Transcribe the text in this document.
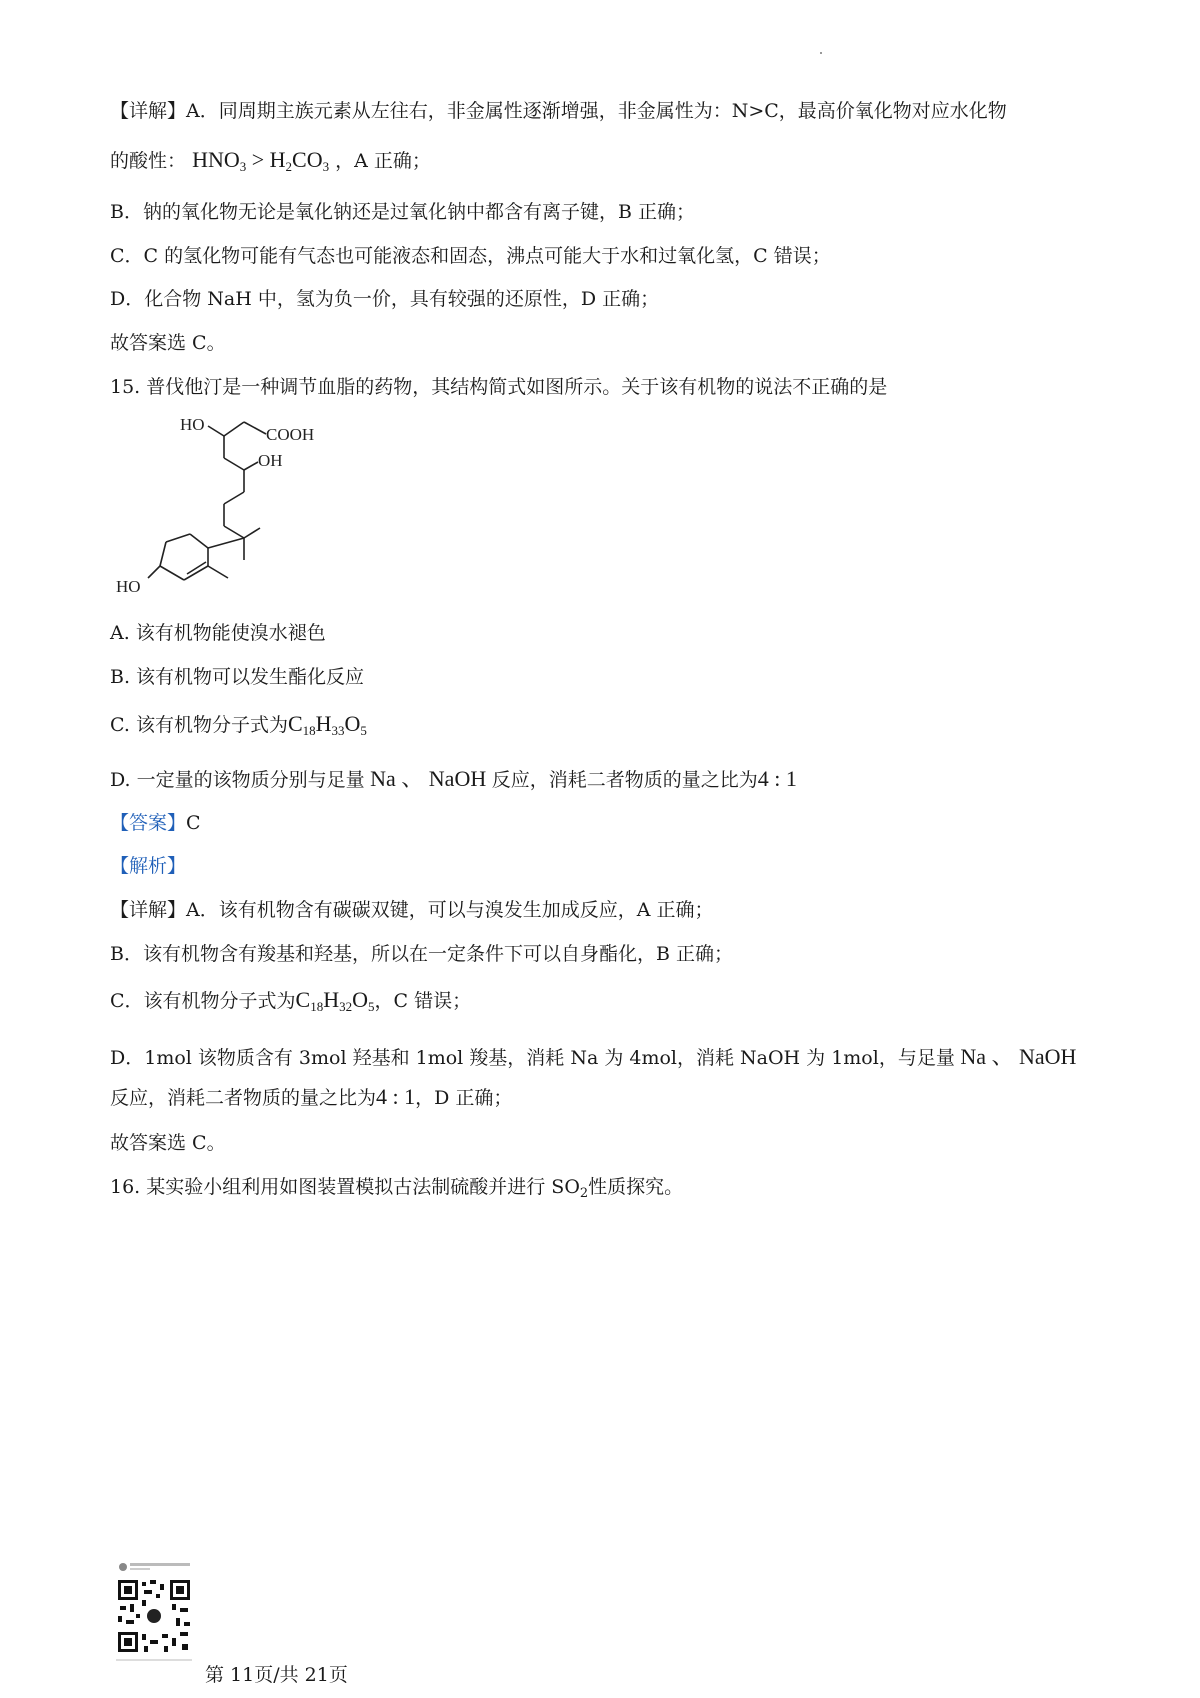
【详解】A．同周期主族元素从左往右，非金属性逐渐增强，非金属性为：N>C，最高价氧化物对应水化物
的酸性： $HNO_3 > H_2CO_3$ ，A 正确；
B．钠的氧化物无论是氧化钠还是过氧化钠中都含有离子键，B 正确；
C．C 的氢化物可能有气态也可能液态和固态，沸点可能大于水和过氧化氢，C 错误；
D．化合物 NaH 中，氢为负一价，具有较强的还原性，D 正确；
故答案选 C。
15. 普伐他汀是一种调节血脂的药物，其结构简式如图所示。关于该有机物的说法不正确的是
HO
COOH
OH
HO
A. 该有机物能使溴水褪色
B. 该有机物可以发生酯化反应
C. 该有机物分子式为$C_{18}H_{33}O_5$
D. 一定量的该物质分别与足量 Na 、 NaOH 反应，消耗二者物质的量之比为4 : 1
【答案】C
【解析】
【详解】A．该有机物含有碳碳双键，可以与溴发生加成反应，A 正确；
B．该有机物含有羧基和羟基，所以在一定条件下可以自身酯化，B 正确；
C．该有机物分子式为$C_{18}H_{32}O_5$，C 错误；
D．1mol 该物质含有 3mol 羟基和 1mol 羧基，消耗 Na 为 4mol，消耗 NaOH 为 1mol，与足量 Na 、 NaOH
反应，消耗二者物质的量之比为4 : 1，D 正确；
故答案选 C。
16. 某实验小组利用如图装置模拟古法制硫酸并进行 $SO_2$性质探究。
第 11页/共 21页
